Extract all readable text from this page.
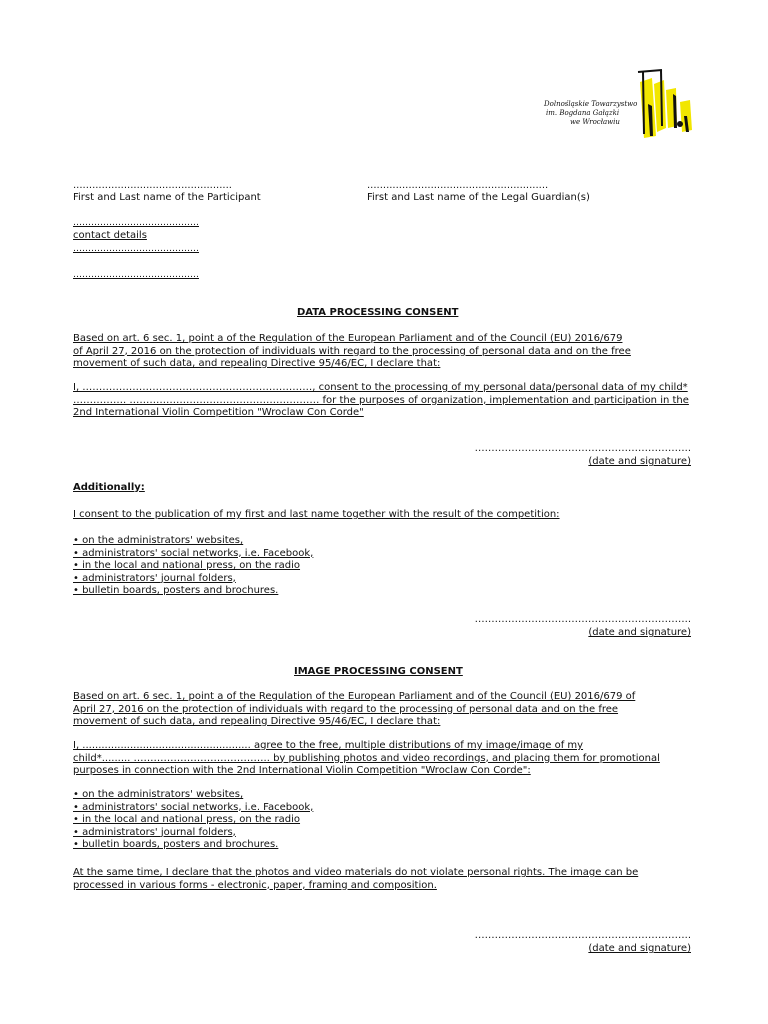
Dolnośląskie Towarzystwo
im. Bogdana Gałązki
we Wrocławiu
..................................................
First and Last name of the Participant
.........................................................
First and Last name of the Legal Guardian(s)
……………………………………
contact details
……………………………………
……………………………………
DATA PROCESSING CONSENT
Based on art. 6 sec. 1, point a of the Regulation of the European Parliament and of the Council (EU) 2016/679
of April 27, 2016 on the protection of individuals with regard to the processing of personal data and on the free
movement of such data, and repealing Directive 95/46/EC, I declare that:
I, ……………………………………………………………, consent to the processing of my personal data/personal data of my child*
……………. ………………………………………………… for the purposes of organization, implementation and participation in the
2nd International Violin Competition "Wroclaw Con Corde"
………………………………………………………..
(date and signature)
Additionally:
I consent to the publication of my first and last name together with the result of the competition:
• on the administrators' websites,
• administrators' social networks, i.e. Facebook,
• in the local and national press, on the radio
• administrators' journal folders,
• bulletin boards, posters and brochures.
………………………………………………………..
(date and signature)
IMAGE PROCESSING CONSENT
Based on art. 6 sec. 1, point a of the Regulation of the European Parliament and of the Council (EU) 2016/679 of
April 27, 2016 on the protection of individuals with regard to the processing of personal data and on the free
movement of such data, and repealing Directive 95/46/EC, I declare that:
I, ..................................................... agree to the free, multiple distributions of my image/image of my
child*......... ………………………………….. by publishing photos and video recordings, and placing them for promotional
purposes in connection with the 2nd International Violin Competition "Wroclaw Con Corde":
• on the administrators' websites,
• administrators' social networks, i.e. Facebook,
• in the local and national press, on the radio
• administrators' journal folders,
• bulletin boards, posters and brochures.
At the same time, I declare that the photos and video materials do not violate personal rights. The image can be
processed in various forms - electronic, paper, framing and composition.
………………………………………………………..
(date and signature)
